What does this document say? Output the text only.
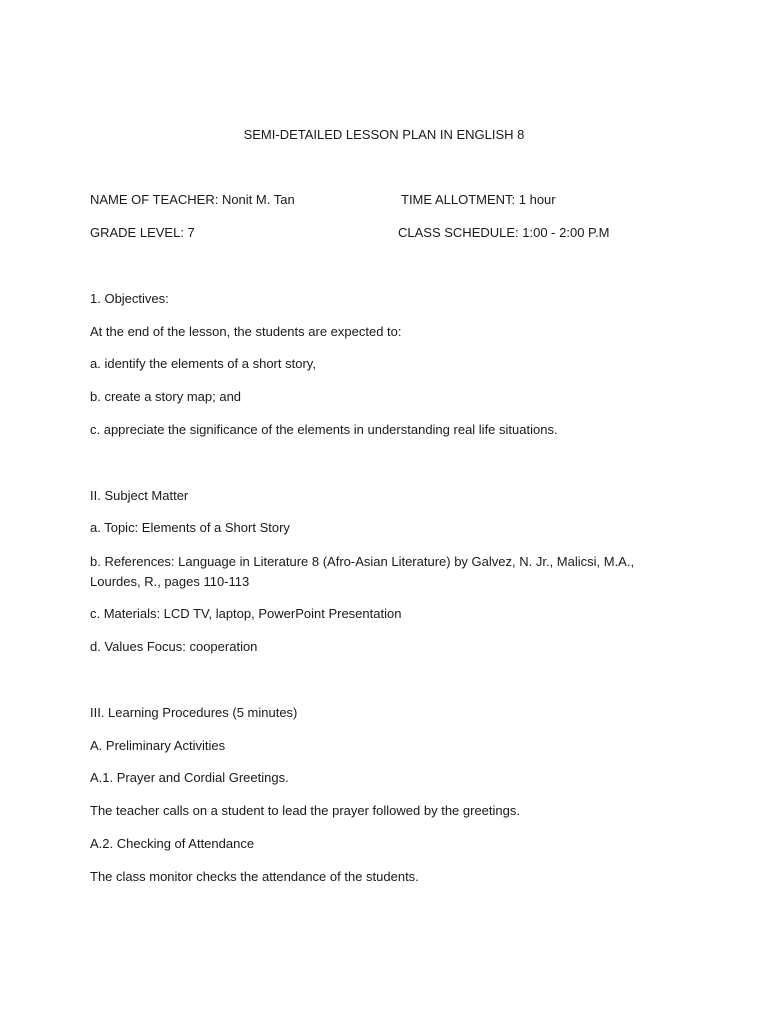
SEMI-DETAILED LESSON PLAN IN ENGLISH 8
NAME OF TEACHER: Nonit M. Tan	TIME ALLOTMENT: 1 hour
GRADE LEVEL: 7	CLASS SCHEDULE: 1:00 - 2:00 P.M
1. Objectives:
At the end of the lesson, the students are expected to:
a. identify the elements of a short story,
b. create a story map; and
c. appreciate the significance of the elements in understanding real life situations.
II. Subject Matter
a. Topic: Elements of a Short Story
b. References: Language in Literature 8 (Afro-Asian Literature) by Galvez, N. Jr., Malicsi, M.A., Lourdes, R., pages 110-113
c. Materials: LCD TV, laptop, PowerPoint Presentation
d. Values Focus: cooperation
III. Learning Procedures (5 minutes)
A. Preliminary Activities
A.1. Prayer and Cordial Greetings.
The teacher calls on a student to lead the prayer followed by the greetings.
A.2. Checking of Attendance
The class monitor checks the attendance of the students.
